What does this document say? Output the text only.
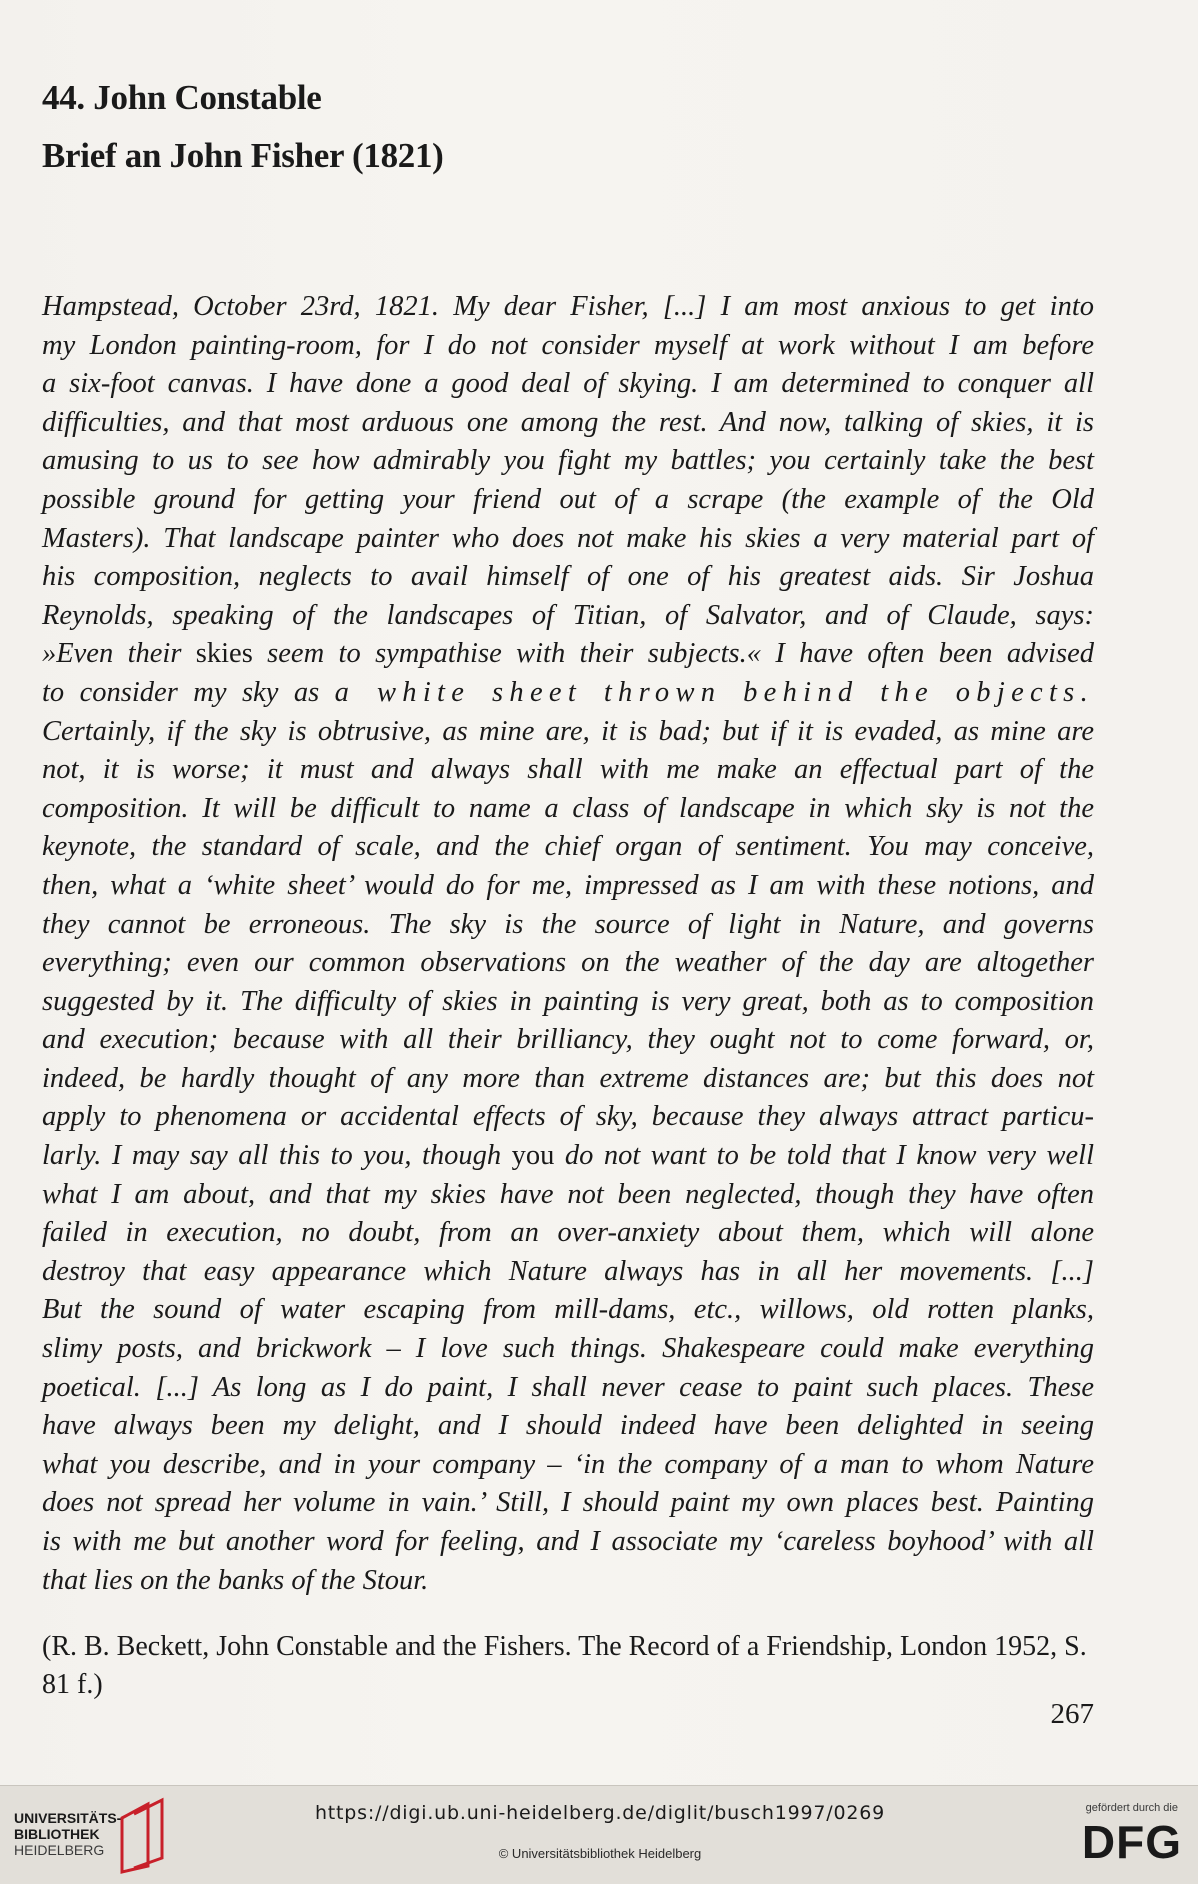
44. John Constable
Brief an John Fisher (1821)

Hampstead, October 23rd, 1821. My dear Fisher, [...] I am most anxious to get into
my London painting-room, for I do not consider myself at work without I am before
a six-foot canvas. I have done a good deal of skying. I am determined to conquer all
difficulties, and that most arduous one among the rest. And now, talking of skies, it is
amusing to us to see how admirably you fight my battles; you certainly take the best
possible ground for getting your friend out of a scrape (the example of the Old
Masters). That landscape painter who does not make his skies a very material part of
his composition, neglects to avail himself of one of his greatest aids. Sir Joshua
Reynolds, speaking of the landscapes of Titian, of Salvator, and of Claude, says:
»Even their skies seem to sympathise with their subjects.« I have often been advised
to consider my sky as a white sheet thrown behind the objects.
Certainly, if the sky is obtrusive, as mine are, it is bad; but if it is evaded, as mine are
not, it is worse; it must and always shall with me make an effectual part of the
composition. It will be difficult to name a class of landscape in which sky is not the
keynote, the standard of scale, and the chief organ of sentiment. You may conceive,
then, what a ‘white sheet’ would do for me, impressed as I am with these notions, and
they cannot be erroneous. The sky is the source of light in Nature, and governs
everything; even our common observations on the weather of the day are altogether
suggested by it. The difficulty of skies in painting is very great, both as to composition
and execution; because with all their brilliancy, they ought not to come forward, or,
indeed, be hardly thought of any more than extreme distances are; but this does not
apply to phenomena or accidental effects of sky, because they always attract particu-
larly. I may say all this to you, though you do not want to be told that I know very well
what I am about, and that my skies have not been neglected, though they have often
failed in execution, no doubt, from an over-anxiety about them, which will alone
destroy that easy appearance which Nature always has in all her movements. [...]
But the sound of water escaping from mill-dams, etc., willows, old rotten planks,
slimy posts, and brickwork – I love such things. Shakespeare could make everything
poetical. [...] As long as I do paint, I shall never cease to paint such places. These
have always been my delight, and I should indeed have been delighted in seeing
what you describe, and in your company – ‘in the company of a man to whom Nature
does not spread her volume in vain.’ Still, I should paint my own places best. Painting
is with me but another word for feeling, and I associate my ‘careless boyhood’ with all
that lies on the banks of the Stour.

(R. B. Beckett, John Constable and the Fishers. The Record of a Friendship, London 1952, S.
81 f.)

267
UNIVERSITÄTS-
BIBLIOTHEK
HEIDELBERG
https://digi.ub.uni-heidelberg.de/diglit/busch1997/0269
© Universitätsbibliothek Heidelberg
gefördert durch die
DFG
